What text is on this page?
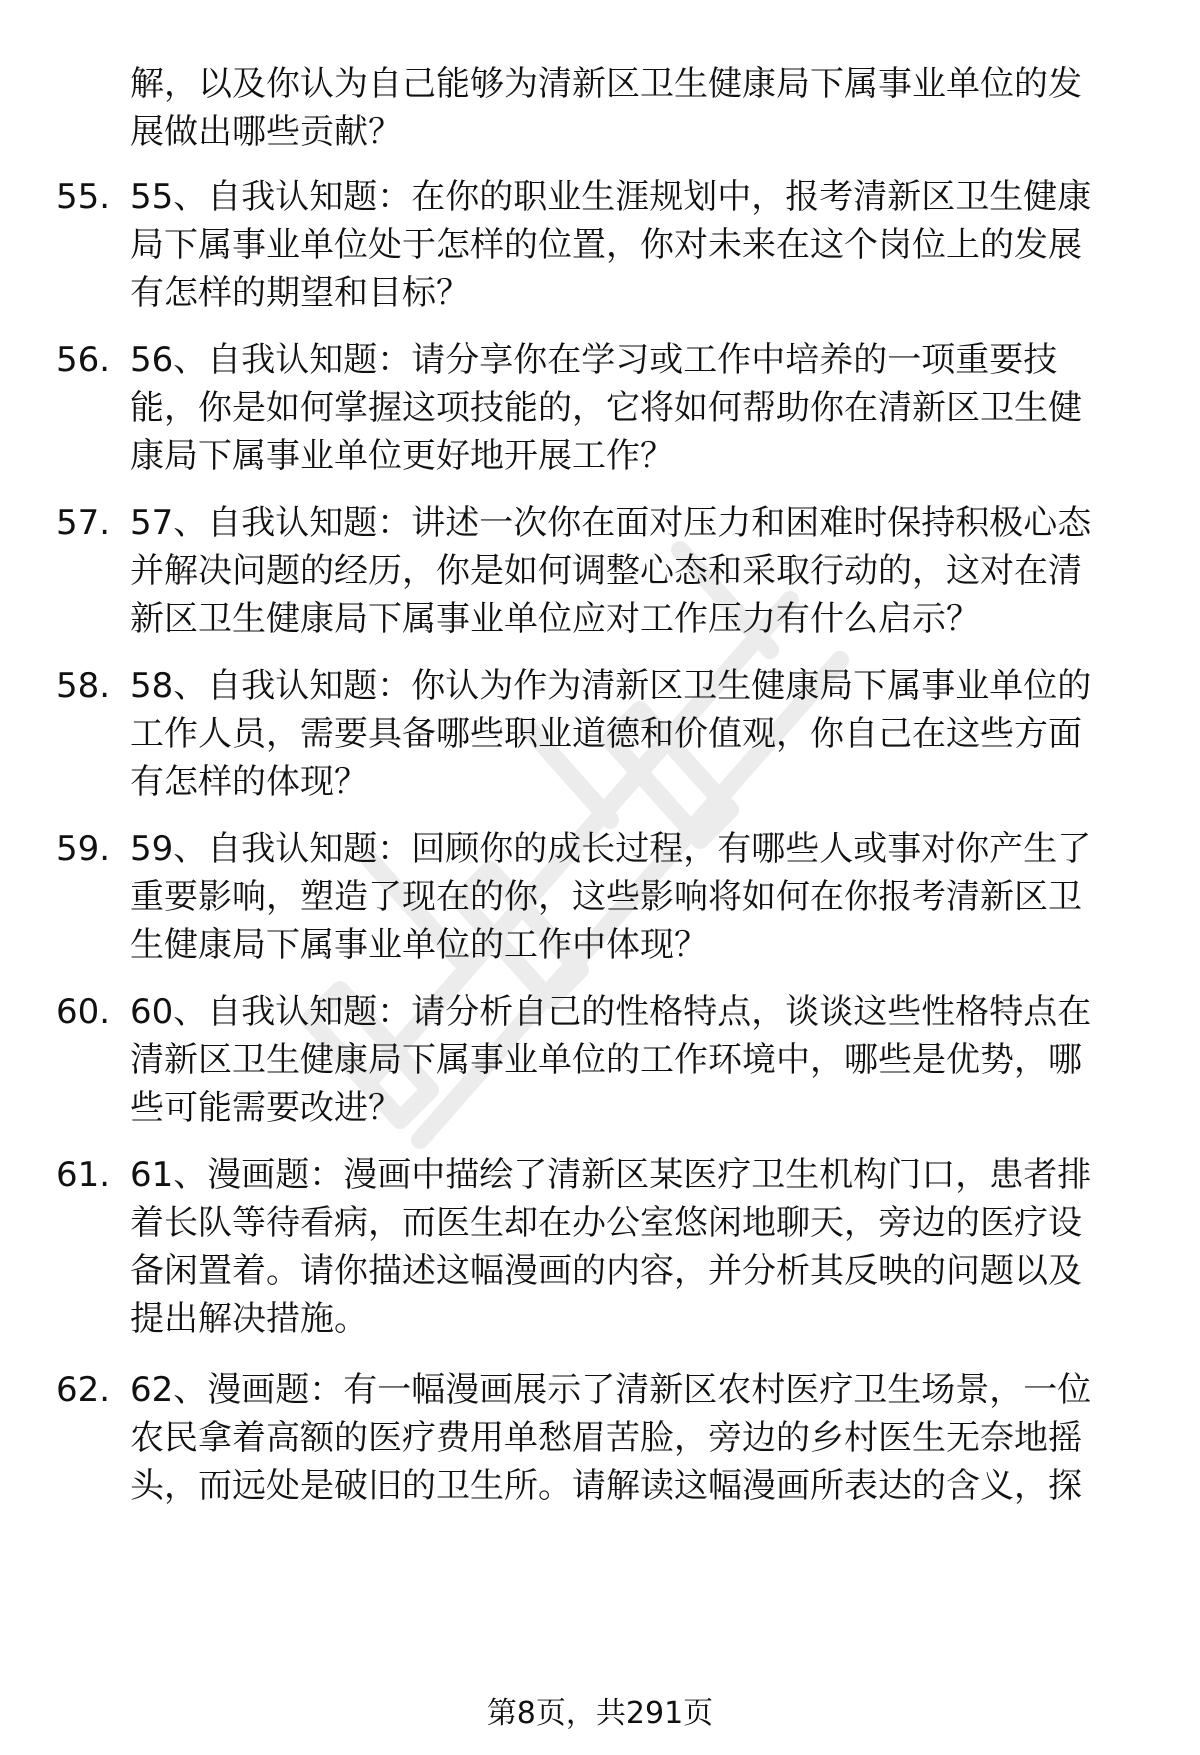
解，以及你认为自己能够为清新区卫生健康局下属事业单位的发
展做出哪些贡献？
55. 55、自我认知题：在你的职业生涯规划中，报考清新区卫生健康
局下属事业单位处于怎样的位置，你对未来在这个岗位上的发展
有怎样的期望和目标？
56. 56、自我认知题：请分享你在学习或工作中培养的一项重要技
能，你是如何掌握这项技能的，它将如何帮助你在清新区卫生健
康局下属事业单位更好地开展工作？
57. 57、自我认知题：讲述一次你在面对压力和困难时保持积极心态
并解决问题的经历，你是如何调整心态和采取行动的，这对在清
新区卫生健康局下属事业单位应对工作压力有什么启示？
58. 58、自我认知题：你认为作为清新区卫生健康局下属事业单位的
工作人员，需要具备哪些职业道德和价值观，你自己在这些方面
有怎样的体现？
59. 59、自我认知题：回顾你的成长过程，有哪些人或事对你产生了
重要影响，塑造了现在的你，这些影响将如何在你报考清新区卫
生健康局下属事业单位的工作中体现？
60. 60、自我认知题：请分析自己的性格特点，谈谈这些性格特点在
清新区卫生健康局下属事业单位的工作环境中，哪些是优势，哪
些可能需要改进？
61. 61、漫画题：漫画中描绘了清新区某医疗卫生机构门口，患者排
着长队等待看病，而医生却在办公室悠闲地聊天，旁边的医疗设
备闲置着。请你描述这幅漫画的内容，并分析其反映的问题以及
提出解决措施。
62. 62、漫画题：有一幅漫画展示了清新区农村医疗卫生场景，一位
农民拿着高额的医疗费用单愁眉苦脸，旁边的乡村医生无奈地摇
头，而远处是破旧的卫生所。请解读这幅漫画所表达的含义，探
第8页，共291页
